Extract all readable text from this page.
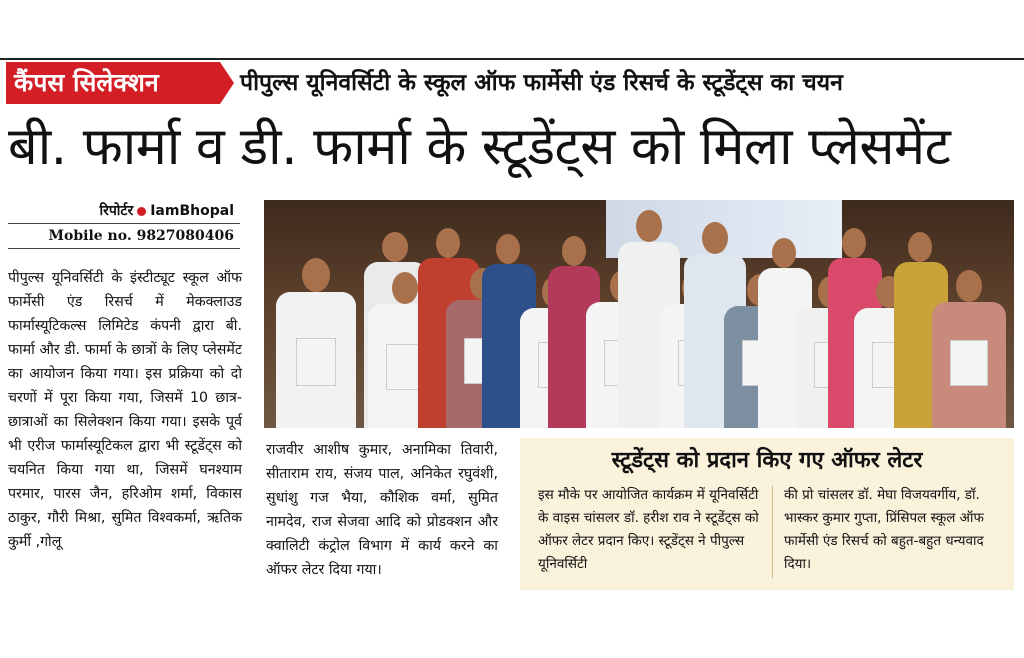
कैंपस सिलेक्शन	पीपुल्स यूनिवर्सिटी के स्कूल ऑफ फार्मेसी एंड रिसर्च के स्टूडेंट्स का चयन
बी. फार्मा व डी. फार्मा के स्टूडेंट्स को मिला प्लेसमेंट
रिपोर्टर IamBhopal
Mobile no. 9827080406

पीपुल्स यूनिवर्सिटी के इंस्टीट्यूट स्कूल ऑफ फार्मेसी एंड रिसर्च में मेकक्लाउड फार्मास्यूटिकल्स लिमिटेड कंपनी द्वारा बी. फार्मा और डी. फार्मा के छात्रों के लिए प्लेसमेंट का आयोजन किया गया। इस प्रक्रिया को दो चरणों में पूरा किया गया, जिसमें 10 छात्र-छात्राओं का सिलेक्शन किया गया। इसके पूर्व भी एरीज फार्मास्यूटिकल द्वारा भी स्टूडेंट्स को चयनित किया गया था, जिसमें घनश्याम परमार, पारस जैन, हरिओम शर्मा, विकास ठाकुर, गौरी मिश्रा, सुमित विश्वकर्मा, ऋतिक कुर्मी ,गोलू

राजवीर आशीष कुमार, अनामिका तिवारी, सीताराम राय, संजय पाल, अनिकेत रघुवंशी, सुधांशु गज भैया, कौशिक वर्मा, सुमित नामदेव, राज सेजवा आदि को प्रोडक्शन और क्वालिटी कंट्रोल विभाग में कार्य करने का ऑफर लेटर दिया गया।

स्टूडेंट्स को प्रदान किए गए ऑफर लेटर

इस मौके पर आयोजित कार्यक्रम में यूनिवर्सिटी के वाइस चांसलर डॉ. हरीश राव ने स्टूडेंट्स को ऑफर लेटर प्रदान किए। स्टूडेंट्स ने पीपुल्स यूनिवर्सिटी

की प्रो चांसलर डॉ. मेघा विजयवर्गीय, डॉ. भास्कर कुमार गुप्ता, प्रिंसिपल स्कूल ऑफ फार्मेसी एंड रिसर्च को बहुत-बहुत धन्यवाद दिया।
